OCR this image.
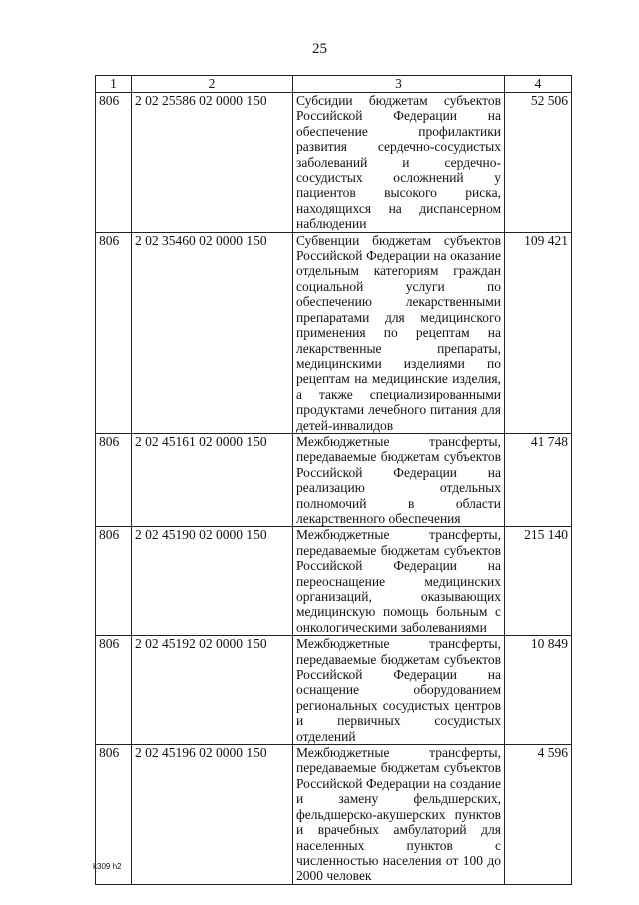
25
1	2	3	4
806	2 02 25586 02 0000 150	Субсидии бюджетам субъектов Российской Федерации на обеспечение профилактики развития сердечно-сосудистых заболеваний и сердечно-сосудистых осложнений у пациентов высокого риска, находящихся на диспансерном наблюдении	52 506
806	2 02 35460 02 0000 150	Субвенции бюджетам субъектов Российской Федерации на оказание отдельным категориям граждан социальной услуги по обеспечению лекарственными препаратами для медицинского применения по рецептам на лекарственные препараты, медицинскими изделиями по рецептам на медицинские изделия, а также специализированными продуктами лечебного питания для детей-инвалидов	109 421
806	2 02 45161 02 0000 150	Межбюджетные трансферты, передаваемые бюджетам субъектов Российской Федерации на реализацию отдельных полномочий в области лекарственного обеспечения	41 748
806	2 02 45190 02 0000 150	Межбюджетные трансферты, передаваемые бюджетам субъектов Российской Федерации на переоснащение медицинских организаций, оказывающих медицинскую помощь больным с онкологическими заболеваниями	215 140
806	2 02 45192 02 0000 150	Межбюджетные трансферты, передаваемые бюджетам субъектов Российской Федерации на оснащение оборудованием региональных сосудистых центров и первичных сосудистых отделений	10 849
806	2 02 45196 02 0000 150	Межбюджетные трансферты, передаваемые бюджетам субъектов Российской Федерации на создание и замену фельдшерских, фельдшерско-акушерских пунктов и врачебных амбулаторий для населенных пунктов с численностью населения от 100 до 2000 человек	4 596
k309 h2
